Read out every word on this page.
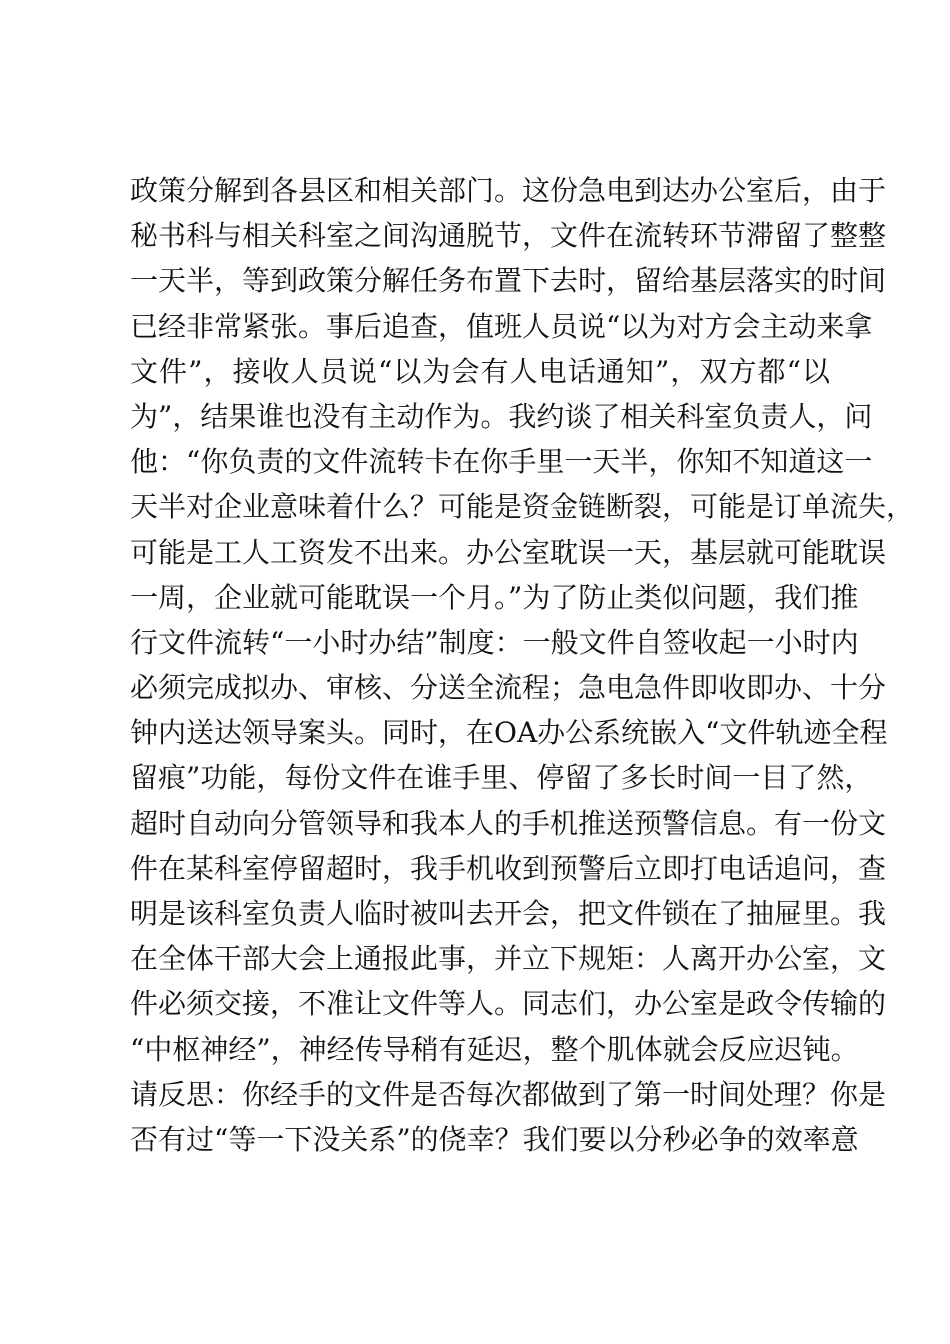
政策分解到各县区和相关部门。这份急电到达办公室后，由于
秘书科与相关科室之间沟通脱节，文件在流转环节滞留了整整
一天半，等到政策分解任务布置下去时，留给基层落实的时间
已经非常紧张。事后追查，值班人员说“以为对方会主动来拿
文件”，接收人员说“以为会有人电话通知”，双方都“以
为”，结果谁也没有主动作为。我约谈了相关科室负责人，问
他：“你负责的文件流转卡在你手里一天半，你知不知道这一
天半对企业意味着什么？可能是资金链断裂，可能是订单流失，
可能是工人工资发不出来。办公室耽误一天，基层就可能耽误
一周，企业就可能耽误一个月。”为了防止类似问题，我们推
行文件流转“一小时办结”制度：一般文件自签收起一小时内
必须完成拟办、审核、分送全流程；急电急件即收即办、十分
钟内送达领导案头。同时，在OA办公系统嵌入“文件轨迹全程
留痕”功能，每份文件在谁手里、停留了多长时间一目了然，
超时自动向分管领导和我本人的手机推送预警信息。有一份文
件在某科室停留超时，我手机收到预警后立即打电话追问，查
明是该科室负责人临时被叫去开会，把文件锁在了抽屉里。我
在全体干部大会上通报此事，并立下规矩：人离开办公室，文
件必须交接，不准让文件等人。同志们，办公室是政令传输的
“中枢神经”，神经传导稍有延迟，整个肌体就会反应迟钝。
请反思：你经手的文件是否每次都做到了第一时间处理？你是
否有过“等一下没关系”的侥幸？我们要以分秒必争的效率意
